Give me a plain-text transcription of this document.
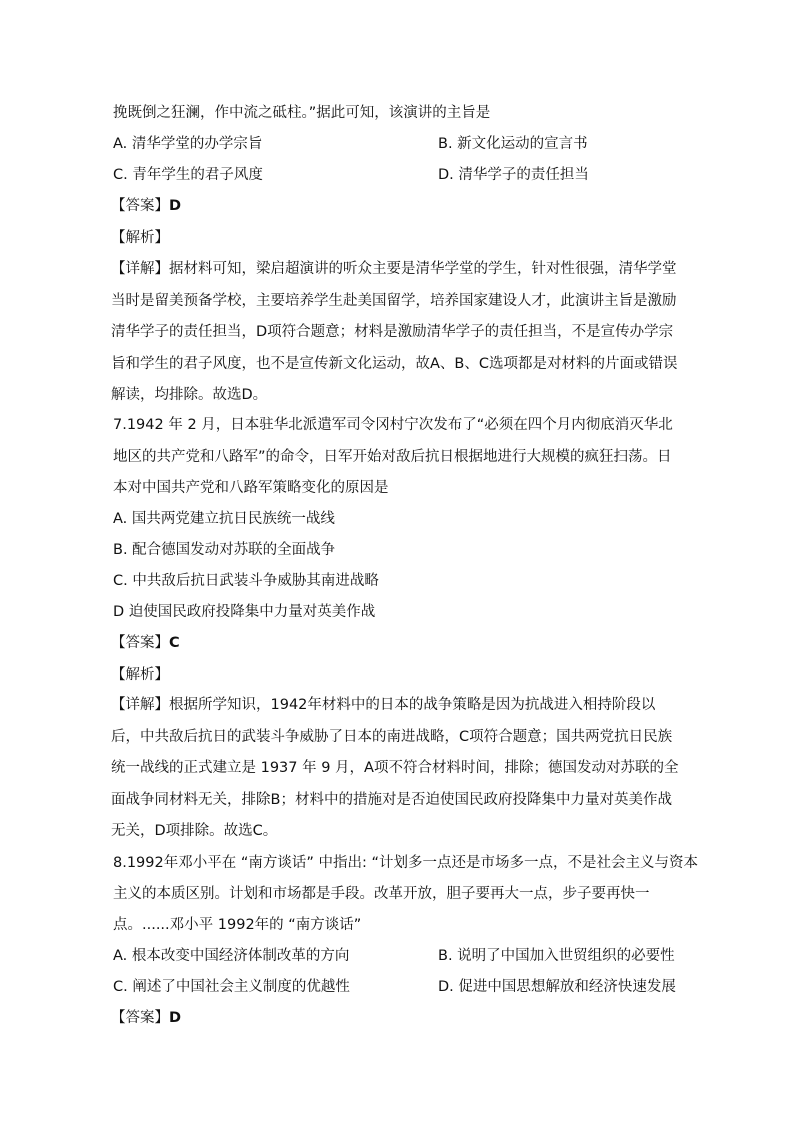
挽既倒之狂澜，作中流之砥柱。”据此可知，该演讲的主旨是
A. 清华学堂的办学宗旨	B. 新文化运动的宣言书
C. 青年学生的君子风度	D. 清华学子的责任担当
【答案】D
【解析】
【详解】据材料可知，梁启超演讲的听众主要是清华学堂的学生，针对性很强，清华学堂当时是留美预备学校，主要培养学生赴美国留学，培养国家建设人才，此演讲主旨是激励清华学子的责任担当，D项符合题意；材料是激励清华学子的责任担当，不是宣传办学宗旨和学生的君子风度，也不是宣传新文化运动，故A、B、C选项都是对材料的片面或错误解读，均排除。故选D。
7.1942 年 2 月，日本驻华北派遣军司令冈村宁次发布了“必须在四个月内彻底消灭华北地区的共产党和八路军”的命令，日军开始对敌后抗日根据地进行大规模的疯狂扫荡。日本对中国共产党和八路军策略变化的原因是
A. 国共两党建立抗日民族统一战线
B. 配合德国发动对苏联的全面战争
C. 中共敌后抗日武装斗争威胁其南进战略
D 迫使国民政府投降集中力量对英美作战
【答案】C
【解析】
【详解】根据所学知识，1942年材料中的日本的战争策略是因为抗战进入相持阶段以后，中共敌后抗日的武装斗争威胁了日本的南进战略，C项符合题意；国共两党抗日民族统一战线的正式建立是 1937 年 9 月，A项不符合材料时间，排除；德国发动对苏联的全面战争同材料无关，排除B；材料中的措施对是否迫使国民政府投降集中力量对英美作战无关，D项排除。故选C。
8.1992年邓小平在 “南方谈话” 中指出: “计划多一点还是市场多一点，不是社会主义与资本
主义的本质区别。计划和市场都是手段。改革开放，胆子要再大一点，步子要再快一
点。......邓小平 1992年的 “南方谈话”
A. 根本改变中国经济体制改革的方向	B. 说明了中国加入世贸组织的必要性
C. 阐述了中国社会主义制度的优越性	D. 促进中国思想解放和经济快速发展
【答案】D
